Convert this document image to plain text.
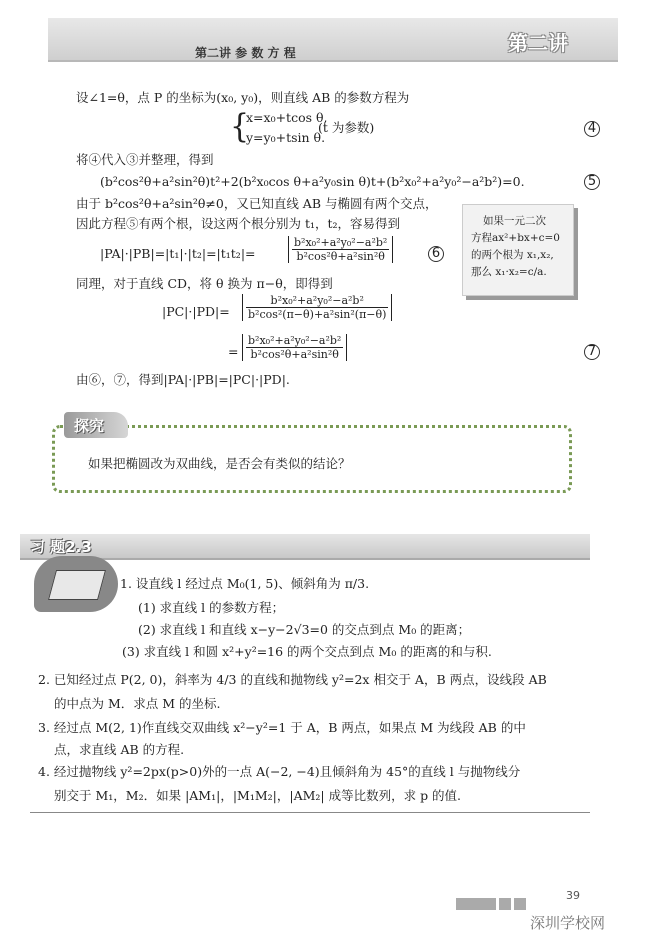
第二讲 参 数 方 程	第二讲
设∠1=θ，点 P 的坐标为(x₀, y₀)，则直线 AB 的参数方程为
{
x=x₀+tcos θ,
y=y₀+tsin θ.
(t 为参数)	4
将④代入③并整理，得到
(b²cos²θ+a²sin²θ)t²+2(b²x₀cos θ+a²y₀sin θ)t+(b²x₀²+a²y₀²−a²b²)=0.	5
由于 b²cos²θ+a²sin²θ≠0，又已知直线 AB 与椭圆有两个交点，
因此方程⑤有两个根，设这两个根分别为 t₁，t₂，容易得到
|PA|·|PB|=|t₁|·|t₂|=|t₁t₂|=	$\frac{\text{b²x₀²+a²y₀²−a²b²}}{\text{b²cos²θ+a²sin²θ}}$	6
如果一元二次
方程ax²+bx+c=0
的两个根为 x₁,x₂,
那么 x₁·x₂=c/a.
同理，对于直线 CD，将 θ 换为 π−θ，即得到
$|PC|\cdot|PD|= \frac{\text{b²x₀²+a²y₀²−a²b²}}{\text{b²cos²(π−θ)+a²sin²(π−θ)}}$
= $\frac{\text{b²x₀²+a²y₀²−a²b²}}{\text{b²cos²θ+a²sin²θ}}$	7
由⑥，⑦，得到|PA|·|PB|=|PC|·|PD|.
探究
如果把椭圆改为双曲线，是否会有类似的结论？
习 题2.3
1. 设直线 l 经过点 M₀(1, 5)、倾斜角为 π/3.
(1) 求直线 l 的参数方程；
(2) 求直线 l 和直线 x−y−2√3=0 的交点到点 M₀ 的距离；
(3) 求直线 l 和圆 x²+y²=16 的两个交点到点 M₀ 的距离的和与积.
2. 已知经过点 P(2, 0)，斜率为 4/3 的直线和抛物线 y²=2x 相交于 A，B 两点，设线段 AB
的中点为 M．求点 M 的坐标.
3. 经过点 M(2, 1)作直线交双曲线 x²−y²=1 于 A，B 两点，如果点 M 为线段 AB 的中
点，求直线 AB 的方程.
4. 经过抛物线 y²=2px(p>0)外的一点 A(−2, −4)且倾斜角为 45°的直线 l 与抛物线分
别交于 M₁，M₂．如果 |AM₁|，|M₁M₂|，|AM₂| 成等比数列，求 p 的值.
39
深圳学校网
